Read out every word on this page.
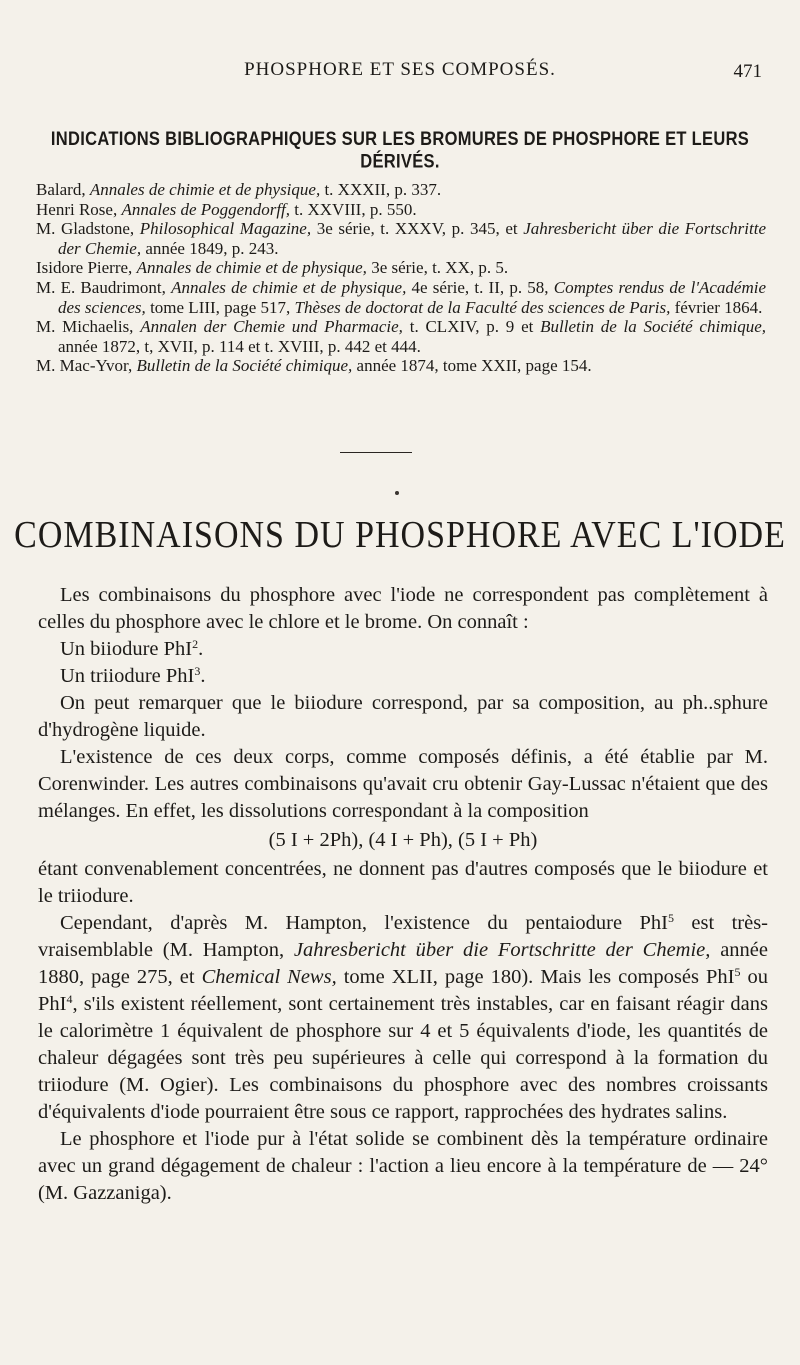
PHOSPHORE ET SES COMPOSÉS.	471
INDICATIONS BIBLIOGRAPHIQUES SUR LES BROMURES DE PHOSPHORE ET LEURS DÉRIVÉS.

Balard, Annales de chimie et de physique, t. XXXII, p. 337.

Henri Rose, Annales de Poggendorff, t. XXVIII, p. 550.

M. Gladstone, Philosophical Magazine, 3e série, t. XXXV, p. 345, et Jahresbericht über die Fortschritte der Chemie, année 1849, p. 243.

Isidore Pierre, Annales de chimie et de physique, 3e série, t. XX, p. 5.

M. E. Baudrimont, Annales de chimie et de physique, 4e série, t. II, p. 58, Comptes rendus de l'Académie des sciences, tome LIII, page 517, Thèses de doctorat de la Faculté des sciences de Paris, février 1864.

M. Michaelis, Annalen der Chemie und Pharmacie, t. CLXIV, p. 9 et Bulletin de la Société chimique, année 1872, t, XVII, p. 114 et t. XVIII, p. 442 et 444.

M. Mac-Yvor, Bulletin de la Société chimique, année 1874, tome XXII, page 154.

COMBINAISONS DU PHOSPHORE AVEC L'IODE

Les combinaisons du phosphore avec l'iode ne correspondent pas complètement à celles du phosphore avec le chlore et le brome. On connaît :

Un biiodure PhI$^2$.

Un triiodure PhI$^3$.

On peut remarquer que le biiodure correspond, par sa composition, au ph..sphure d'hydrogène liquide.

L'existence de ces deux corps, comme composés définis, a été établie par M. Corenwinder. Les autres combinaisons qu'avait cru obtenir Gay-Lussac n'étaient que des mélanges. En effet, les dissolutions correspondant à la composition

(5 I + 2Ph), (4 I + Ph), (5 I + Ph)

étant convenablement concentrées, ne donnent pas d'autres composés que le biiodure et le triiodure.

Cependant, d'après M. Hampton, l'existence du pentaiodure PhI$^5$ est très-vraisemblable (M. Hampton, Jahresbericht über die Fortschritte der Chemie, année 1880, page 275, et Chemical News, tome XLII, page 180). Mais les composés PhI$^5$ ou PhI$^4$, s'ils existent réellement, sont certainement très instables, car en faisant réagir dans le calorimètre 1 équivalent de phosphore sur 4 et 5 équivalents d'iode, les quantités de chaleur dégagées sont très peu supérieures à celle qui correspond à la formation du triiodure (M. Ogier). Les combinaisons du phosphore avec des nombres croissants d'équivalents d'iode pourraient être sous ce rapport, rapprochées des hydrates salins.

Le phosphore et l'iode pur à l'état solide se combinent dès la température ordinaire avec un grand dégagement de chaleur : l'action a lieu encore à la température de — 24° (M. Gazzaniga).
